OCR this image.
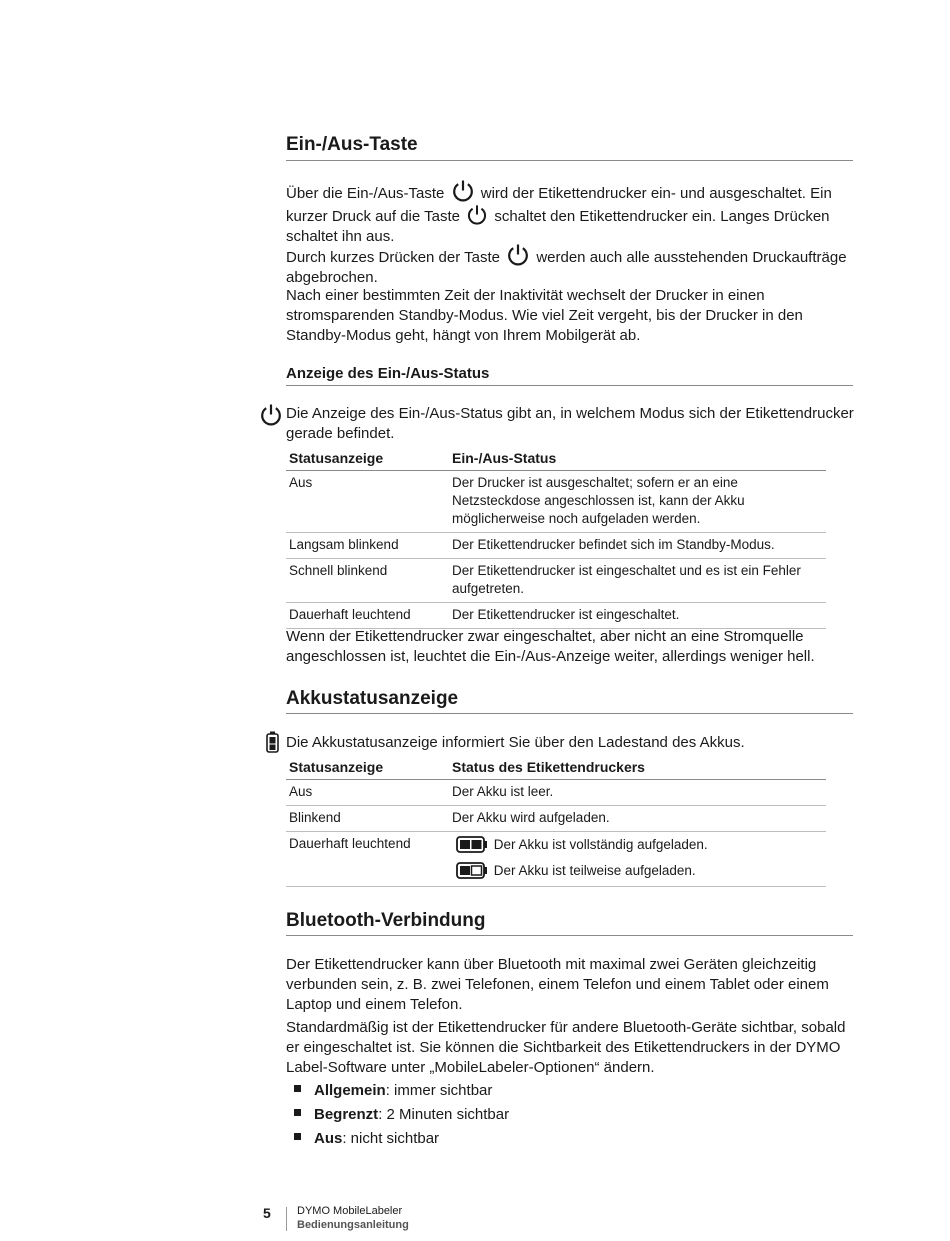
Ein-/Aus-Taste

Über die Ein-/Aus-Taste wird der Etikettendrucker ein- und ausgeschaltet. Ein kurzer Druck auf die Taste schaltet den Etikettendrucker ein. Langes Drücken schaltet ihn aus.

Durch kurzes Drücken der Taste werden auch alle ausstehenden Druckaufträge abgebrochen.

Nach einer bestimmten Zeit der Inaktivität wechselt der Drucker in einen stromsparenden Standby-Modus. Wie viel Zeit vergeht, bis der Drucker in den Standby-Modus geht, hängt von Ihrem Mobilgerät ab.

Anzeige des Ein-/Aus-Status

Die Anzeige des Ein-/Aus-Status gibt an, in welchem Modus sich der Etikettendrucker gerade befindet.

Statusanzeige	Ein-/Aus-Status
Aus	Der Drucker ist ausgeschaltet; sofern er an eine Netzsteckdose angeschlossen ist, kann der Akku möglicherweise noch aufgeladen werden.
Langsam blinkend	Der Etikettendrucker befindet sich im Standby-Modus.
Schnell blinkend	Der Etikettendrucker ist eingeschaltet und es ist ein Fehler aufgetreten.
Dauerhaft leuchtend	Der Etikettendrucker ist eingeschaltet.

Wenn der Etikettendrucker zwar eingeschaltet, aber nicht an eine Stromquelle angeschlossen ist, leuchtet die Ein-/Aus-Anzeige weiter, allerdings weniger hell.

Akkustatusanzeige

Die Akkustatusanzeige informiert Sie über den Ladestand des Akkus.

Statusanzeige	Status des Etikettendruckers
Aus	Der Akku ist leer.
Blinkend	Der Akku wird aufgeladen.
Dauerhaft leuchtend	Der Akku ist vollständig aufgeladen.
Der Akku ist teilweise aufgeladen.
Bluetooth-Verbindung

Der Etikettendrucker kann über Bluetooth mit maximal zwei Geräten gleichzeitig verbunden sein, z. B. zwei Telefonen, einem Telefon und einem Tablet oder einem Laptop und einem Telefon.

Standardmäßig ist der Etikettendrucker für andere Bluetooth-Geräte sichtbar, sobald er eingeschaltet ist. Sie können die Sichtbarkeit des Etikettendruckers in der DYMO Label-Software unter „MobileLabeler-Optionen“ ändern.

Allgemein: immer sichtbar
Begrenzt: 2 Minuten sichtbar
Aus: nicht sichtbar
5 DYMO MobileLabeler
Bedienungsanleitung
